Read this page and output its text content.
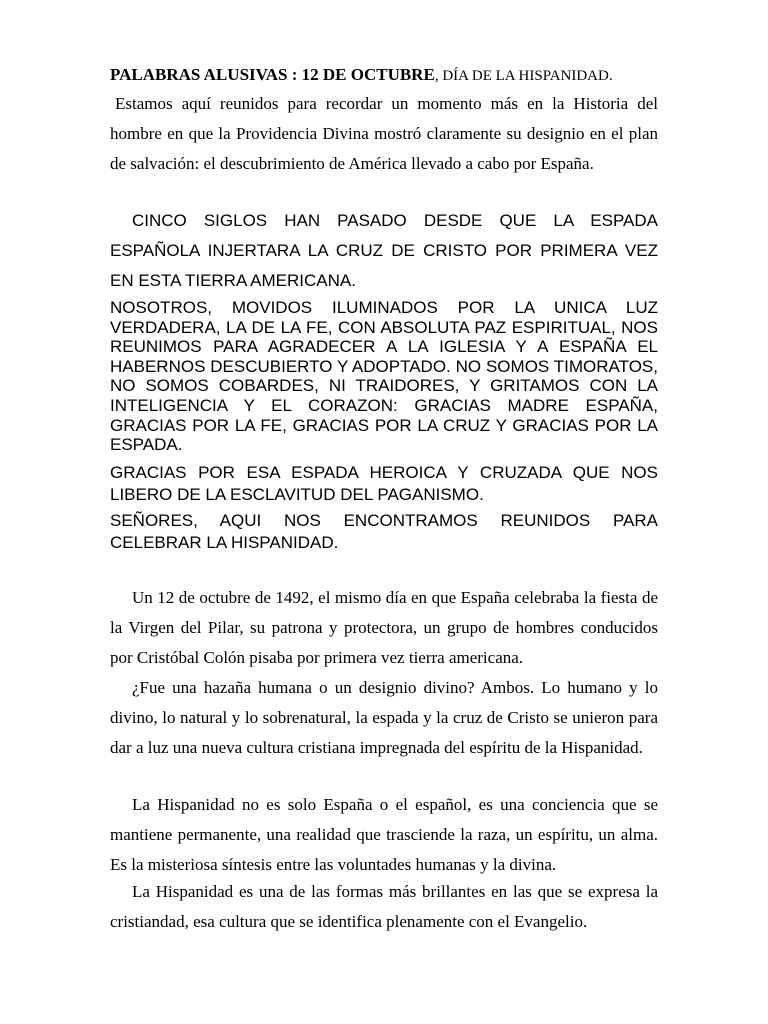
PALABRAS ALUSIVAS : 12 DE OCTUBRE, DÍA DE LA HISPANIDAD.

Estamos aquí reunidos para recordar un momento más en la Historia del hombre en que la Providencia Divina mostró claramente su designio en el plan de salvación: el descubrimiento de América llevado a cabo por España.

CINCO SIGLOS HAN PASADO DESDE QUE LA ESPADA ESPAÑOLA INJERTARA LA CRUZ DE CRISTO POR PRIMERA VEZ EN ESTA TIERRA AMERICANA.

NOSOTROS, MOVIDOS ILUMINADOS POR LA UNICA LUZ VERDADERA, LA DE LA FE, CON ABSOLUTA PAZ ESPIRITUAL, NOS REUNIMOS PARA AGRADECER A LA IGLESIA Y A ESPAÑA EL HABERNOS DESCUBIERTO Y ADOPTADO. NO SOMOS TIMORATOS, NO SOMOS COBARDES, NI TRAIDORES, Y GRITAMOS CON LA INTELIGENCIA Y EL CORAZON: GRACIAS MADRE ESPAÑA, GRACIAS POR LA FE, GRACIAS POR LA CRUZ Y GRACIAS POR LA ESPADA.

GRACIAS POR ESA ESPADA HEROICA Y CRUZADA QUE NOS LIBERO DE LA ESCLAVITUD DEL PAGANISMO.

SEÑORES, AQUI NOS ENCONTRAMOS REUNIDOS PARA CELEBRAR LA HISPANIDAD.

Un 12 de octubre de 1492, el mismo día en que España celebraba la fiesta de la Virgen del Pilar, su patrona y protectora, un grupo de hombres conducidos por Cristóbal Colón pisaba por primera vez tierra americana.

¿Fue una hazaña humana o un designio divino? Ambos. Lo humano y lo divino, lo natural y lo sobrenatural, la espada y la cruz de Cristo se unieron para dar a luz una nueva cultura cristiana impregnada del espíritu de la Hispanidad.

La Hispanidad no es solo España o el español, es una conciencia que se mantiene permanente, una realidad que trasciende la raza, un espíritu, un alma. Es la misteriosa síntesis entre las voluntades humanas y la divina.

La Hispanidad es una de las formas más brillantes en las que se expresa la cristiandad, esa cultura que se identifica plenamente con el Evangelio.
